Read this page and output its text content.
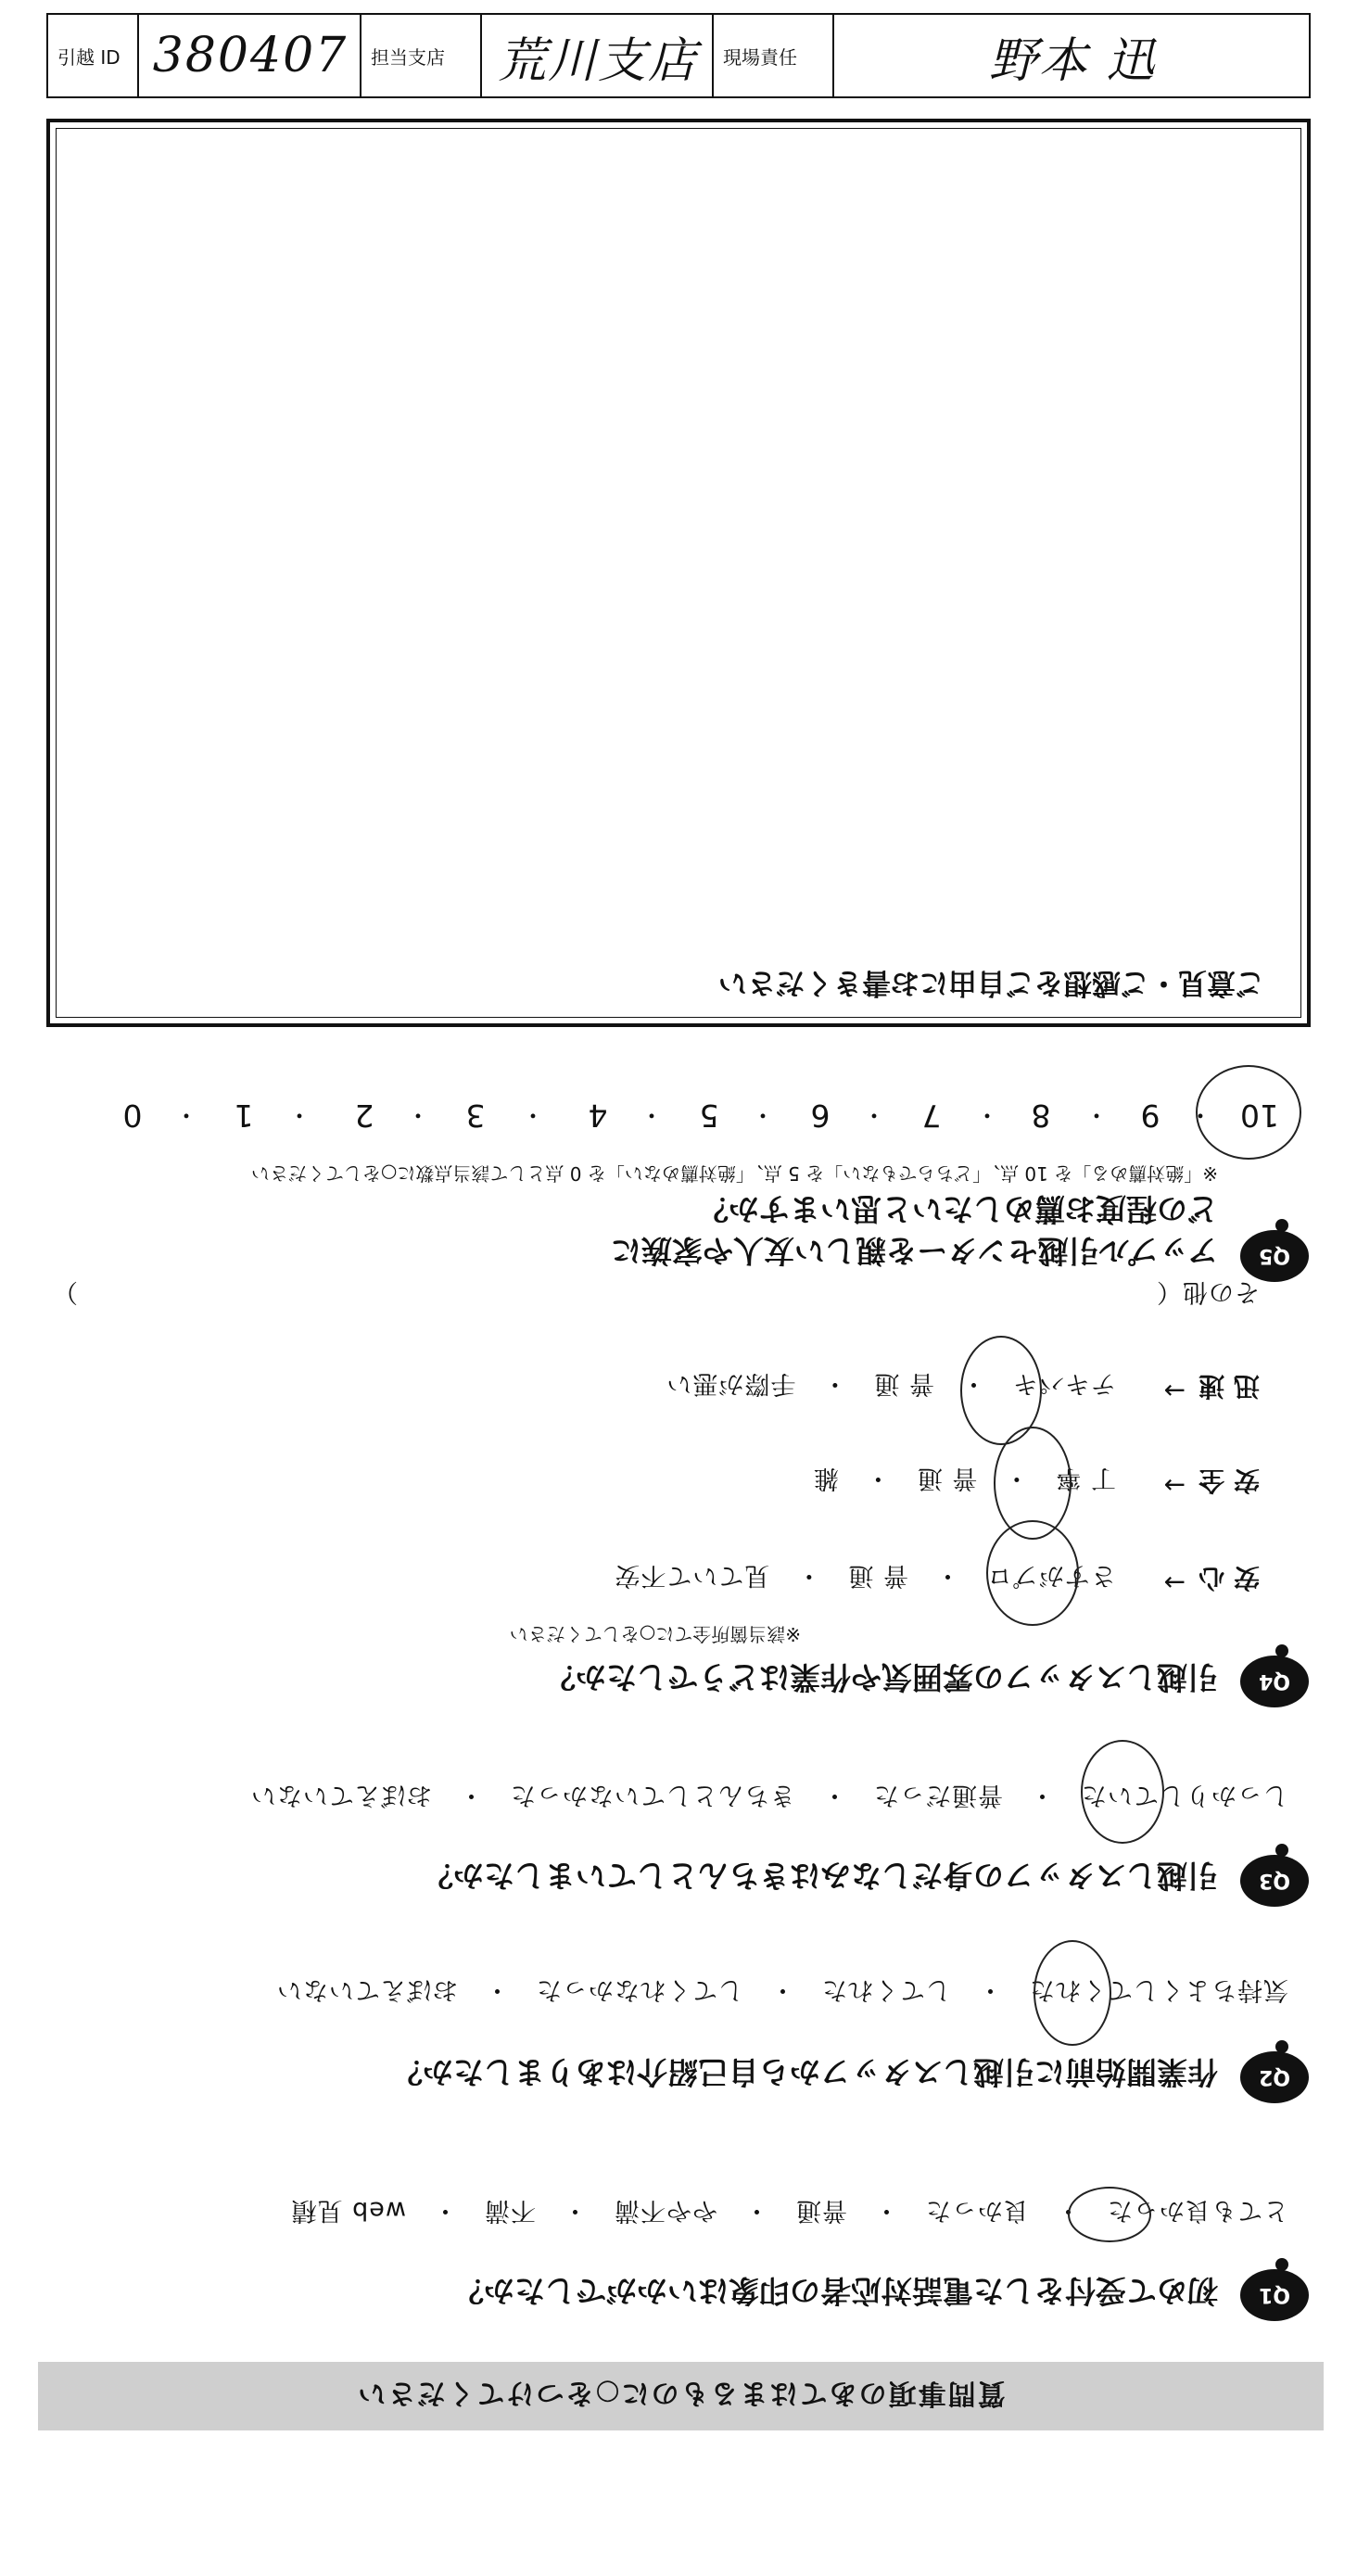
質問事項のあてはまるものに○をつけてください
Q1
初めて受付をした電話対応者の印象はいかがでしたか？
とても良かった　・　良かった　・　普通　・　やや不満　・　不満　・　web 見積
Q2
作業開始前に引越しスタッフから自己紹介はありましたか？
気持ちよくしてくれた　・　してくれた　・　してくれなかった　・　おぼえていない
Q3
引越しスタッフの身だしなみはきちんとしていましたか？
しっかりしていた　・　普通だった　・　きちんとしていなかった　・　おぼえていない
Q4
引越しスタッフの雰囲気や作業はどうでしたか？
※該当箇所全てに○をしてください
安 心
→
さすがプロ　・　普 通　・　見ていて不安
安 全
→
丁 寧　・　普 通　・　雑
迅 速
→
テキパキ　・　普 通　・　手際が悪い
その他（
）
Q5
アップル引越センターを親しい友人や家族に
どの程度お薦めしたいと思いますか？
※「絶対薦める」を 10 点、「どちらでもない」を 5 点、「絶対薦めない」を 0 点として該当点数に○をしてください
10
・
9
・
8
・
7
・
6
・
5
・
4
・
3
・
2
・
1
・
0
ご意見・ご感想をご自由にお書きください
引越 ID 380407	担当支店 荒川支店	現場責任	野本 迅
